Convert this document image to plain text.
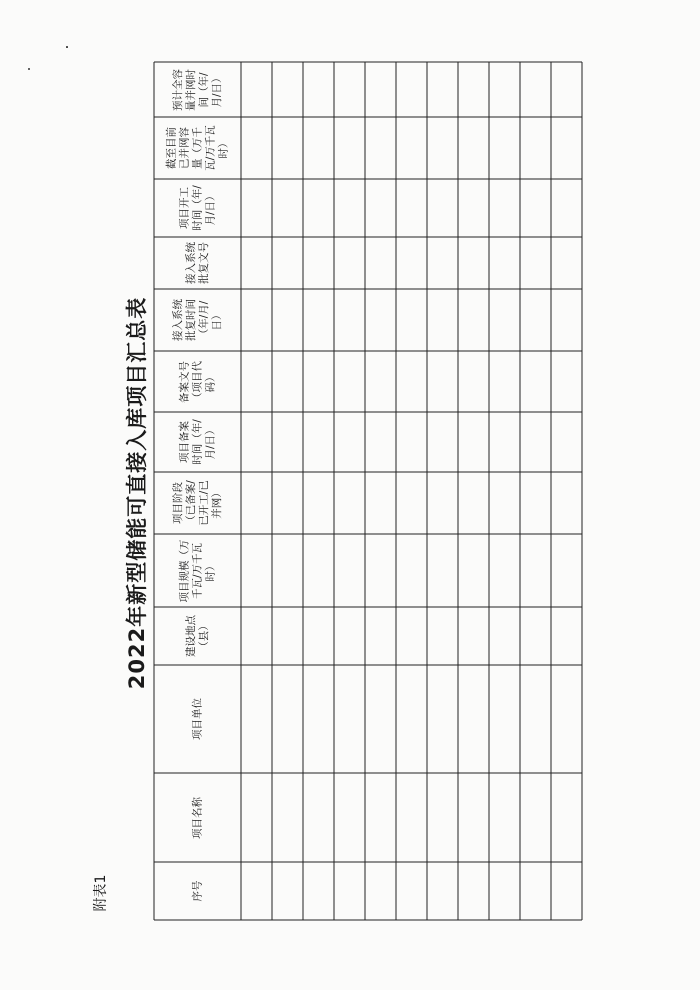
2022年新型储能可直接入库项目汇总表
附表1	序号
项目名称
项目单位
建设地点（县）
项目规模（万千瓦/万千瓦时）
项目阶段（已备案/已开工/已并网）
项目备案时间（年/月/日）
备案文号（项目代码）
接入系统批复时间（年/月/日）
接入系统批复文号
项目开工时间（年/月/日）
截至目前已并网容量（万千瓦/万千瓦时）
预计全容量并网时间（年/月/日）
